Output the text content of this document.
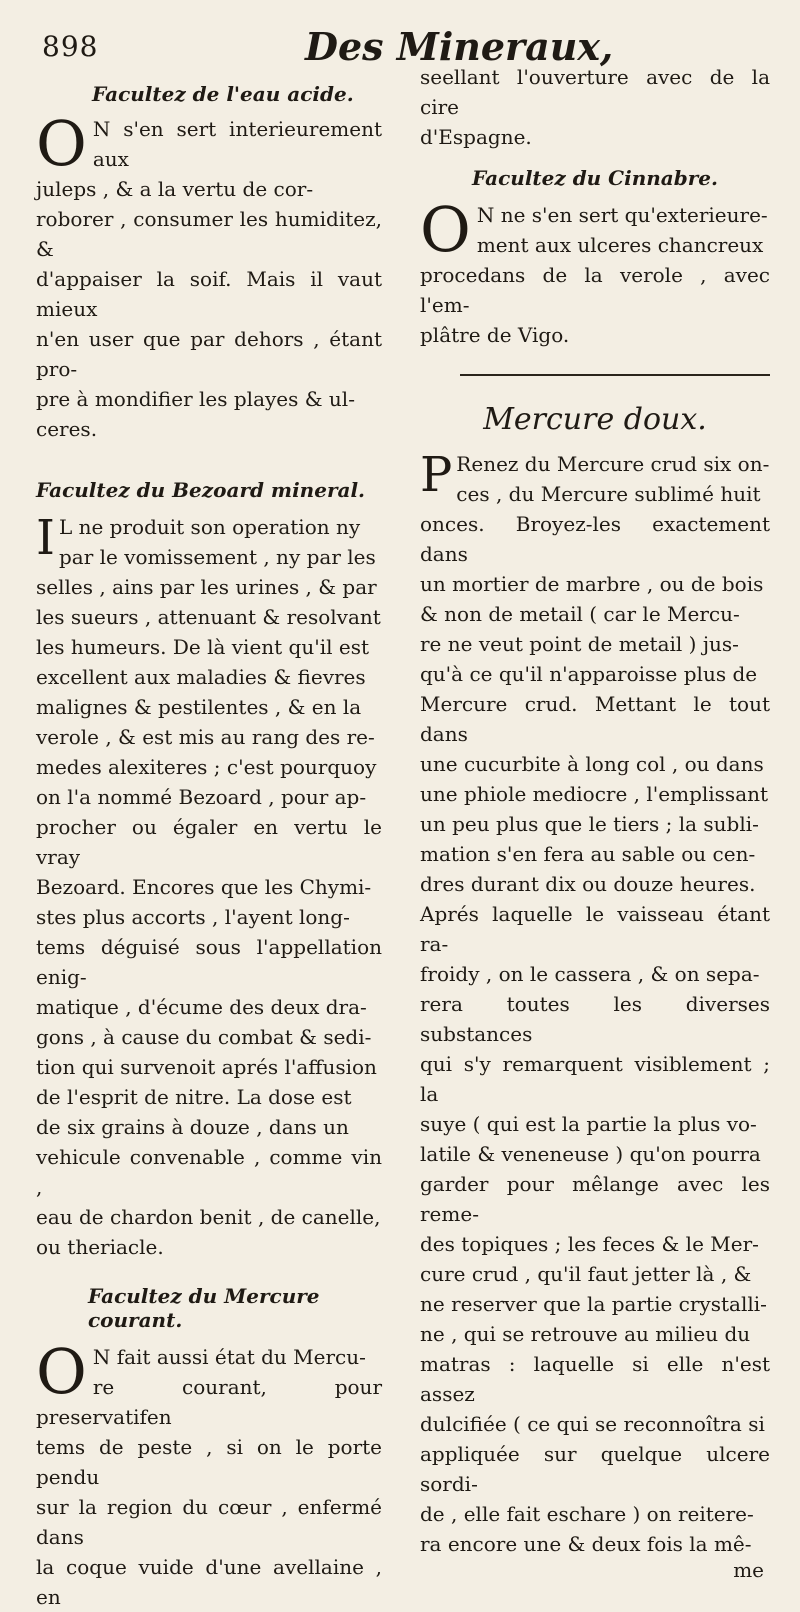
898	Des Mineraux,

Facultez de l'eau acide.

O N s'en sert interieurement aux
juleps , & a la vertu de cor-
roborer , consumer les humiditez, &
d'appaiser la soif. Mais il vaut mieux
n'en user que par dehors , étant pro-
pre à mondifier les playes & ul-
ceres.

Facultez du Bezoard mineral.

I L ne produit son operation ny
par le vomissement , ny par les
selles , ains par les urines , & par
les sueurs , attenuant & resolvant
les humeurs. De là vient qu'il est
excellent aux maladies & fievres
malignes & pestilentes , & en la
verole , & est mis au rang des re-
medes alexiteres ; c'est pourquoy
on l'a nommé Bezoard , pour ap-
procher ou égaler en vertu le vray
Bezoard. Encores que les Chymi-
stes plus accorts , l'ayent long-
tems déguisé sous l'appellation enig-
matique , d'écume des deux dra-
gons , à cause du combat & sedi-
tion qui survenoit aprés l'affusion
de l'esprit de nitre. La dose est
de six grains à douze , dans un
vehicule convenable , comme vin ,
eau de chardon benit , de canelle,
ou theriacle.

Facultez du Mercure courant.

O N fait aussi état du Mercu-
re courant, pour preservatifen
tems de peste , si on le porte pendu
sur la region du cœur , enfermé dans
la coque vuide d'une avellaine , en
seellant l'ouverture avec de la cire
d'Espagne.

Facultez du Cinnabre.

O N ne s'en sert qu'exterieure-
ment aux ulceres chancreux
procedans de la verole , avec l'em-
plâtre de Vigo.

Mercure doux.

P Renez du Mercure crud six on-
ces , du Mercure sublimé huit
onces. Broyez-les exactement dans
un mortier de marbre , ou de bois
& non de metail ( car le Mercu-
re ne veut point de metail ) jus-
qu'à ce qu'il n'apparoisse plus de
Mercure crud. Mettant le tout dans
une cucurbite à long col , ou dans
une phiole mediocre , l'emplissant
un peu plus que le tiers ; la subli-
mation s'en fera au sable ou cen-
dres durant dix ou douze heures.
Aprés laquelle le vaisseau étant ra-
froidy , on le cassera , & on sepa-
rera toutes les diverses substances
qui s'y remarquent visiblement ; la
suye ( qui est la partie la plus vo-
latile & veneneuse ) qu'on pourra
garder pour mêlange avec les reme-
des topiques ; les feces & le Mer-
cure crud , qu'il faut jetter là , &
ne reserver que la partie crystalli-
ne , qui se retrouve au milieu du
matras : laquelle si elle n'est assez
dulcifiée ( ce qui se reconnoîtra si
appliquée sur quelque ulcere sordi-
de , elle fait eschare ) on reitere-
ra encore une & deux fois la mê-
me
